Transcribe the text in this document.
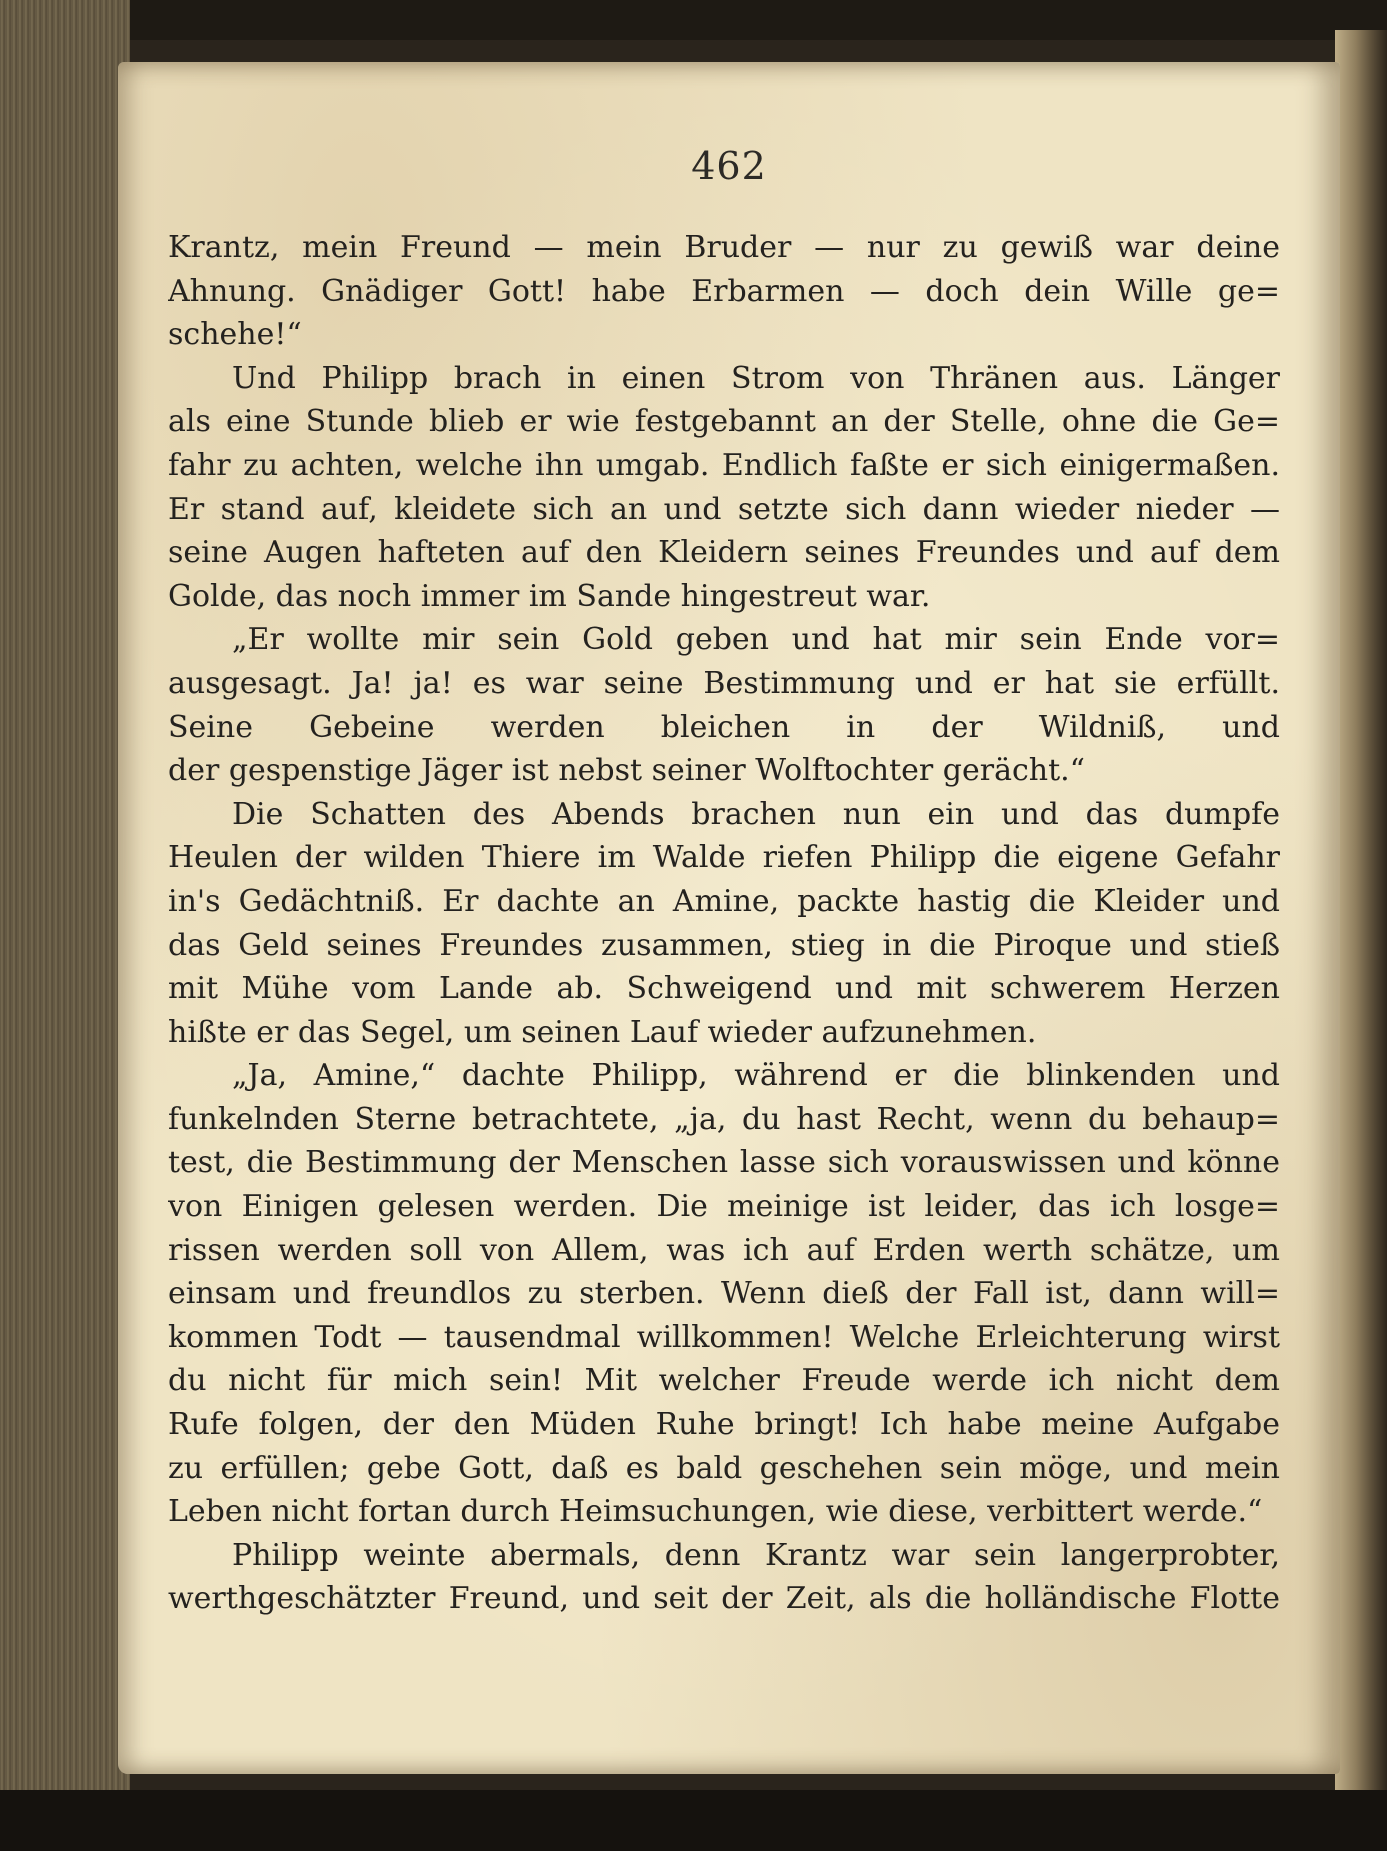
462
Krantz, mein Freund — mein Bruder — nur zu gewiß war deine
Ahnung. Gnädiger Gott! habe Erbarmen — doch dein Wille ge=
schehe!“
Und Philipp brach in einen Strom von Thränen aus. Länger
als eine Stunde blieb er wie festgebannt an der Stelle, ohne die Ge=
fahr zu achten, welche ihn umgab. Endlich faßte er sich einigermaßen.
Er stand auf, kleidete sich an und setzte sich dann wieder nieder —
seine Augen hafteten auf den Kleidern seines Freundes und auf dem
Golde, das noch immer im Sande hingestreut war.
„Er wollte mir sein Gold geben und hat mir sein Ende vor=
ausgesagt. Ja! ja! es war seine Bestimmung und er hat sie erfüllt.
Seine Gebeine werden bleichen in der Wildniß, und
der gespenstige Jäger ist nebst seiner Wolftochter gerächt.“
Die Schatten des Abends brachen nun ein und das dumpfe
Heulen der wilden Thiere im Walde riefen Philipp die eigene Gefahr
in's Gedächtniß. Er dachte an Amine, packte hastig die Kleider und
das Geld seines Freundes zusammen, stieg in die Piroque und stieß
mit Mühe vom Lande ab. Schweigend und mit schwerem Herzen
hißte er das Segel, um seinen Lauf wieder aufzunehmen.
„Ja, Amine,“ dachte Philipp, während er die blinkenden und
funkelnden Sterne betrachtete, „ja, du hast Recht, wenn du behaup=
test, die Bestimmung der Menschen lasse sich vorauswissen und könne
von Einigen gelesen werden. Die meinige ist leider, das ich losge=
rissen werden soll von Allem, was ich auf Erden werth schätze, um
einsam und freundlos zu sterben. Wenn dieß der Fall ist, dann will=
kommen Todt — tausendmal willkommen! Welche Erleichterung wirst
du nicht für mich sein! Mit welcher Freude werde ich nicht dem
Rufe folgen, der den Müden Ruhe bringt! Ich habe meine Aufgabe
zu erfüllen; gebe Gott, daß es bald geschehen sein möge, und mein
Leben nicht fortan durch Heimsuchungen, wie diese, verbittert werde.“
Philipp weinte abermals, denn Krantz war sein langerprobter,
werthgeschätzter Freund, und seit der Zeit, als die holländische Flotte
